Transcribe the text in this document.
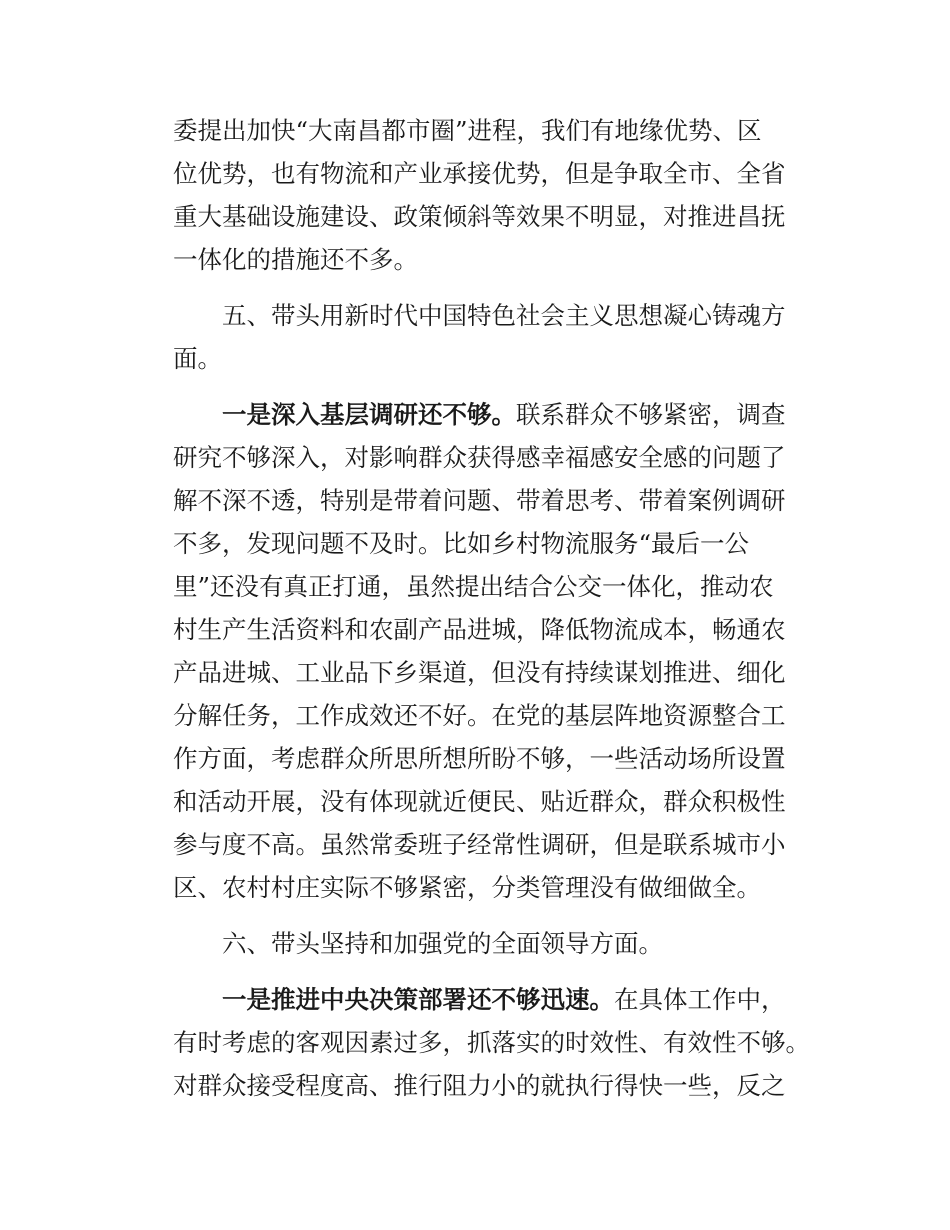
委提出加快“大南昌都市圈”进程，我们有地缘优势、区
位优势，也有物流和产业承接优势，但是争取全市、全省
重大基础设施建设、政策倾斜等效果不明显，对推进昌抚
一体化的措施还不多。
五、带头用新时代中国特色社会主义思想凝心铸魂方
面。
一是深入基层调研还不够。联系群众不够紧密，调查
研究不够深入，对影响群众获得感幸福感安全感的问题了
解不深不透，特别是带着问题、带着思考、带着案例调研
不多，发现问题不及时。比如乡村物流服务“最后一公
里”还没有真正打通，虽然提出结合公交一体化，推动农
村生产生活资料和农副产品进城，降低物流成本，畅通农
产品进城、工业品下乡渠道，但没有持续谋划推进、细化
分解任务，工作成效还不好。在党的基层阵地资源整合工
作方面，考虑群众所思所想所盼不够，一些活动场所设置
和活动开展，没有体现就近便民、贴近群众，群众积极性
参与度不高。虽然常委班子经常性调研，但是联系城市小
区、农村村庄实际不够紧密，分类管理没有做细做全。
六、带头坚持和加强党的全面领导方面。
一是推进中央决策部署还不够迅速。在具体工作中，
有时考虑的客观因素过多，抓落实的时效性、有效性不够。
对群众接受程度高、推行阻力小的就执行得快一些，反之
